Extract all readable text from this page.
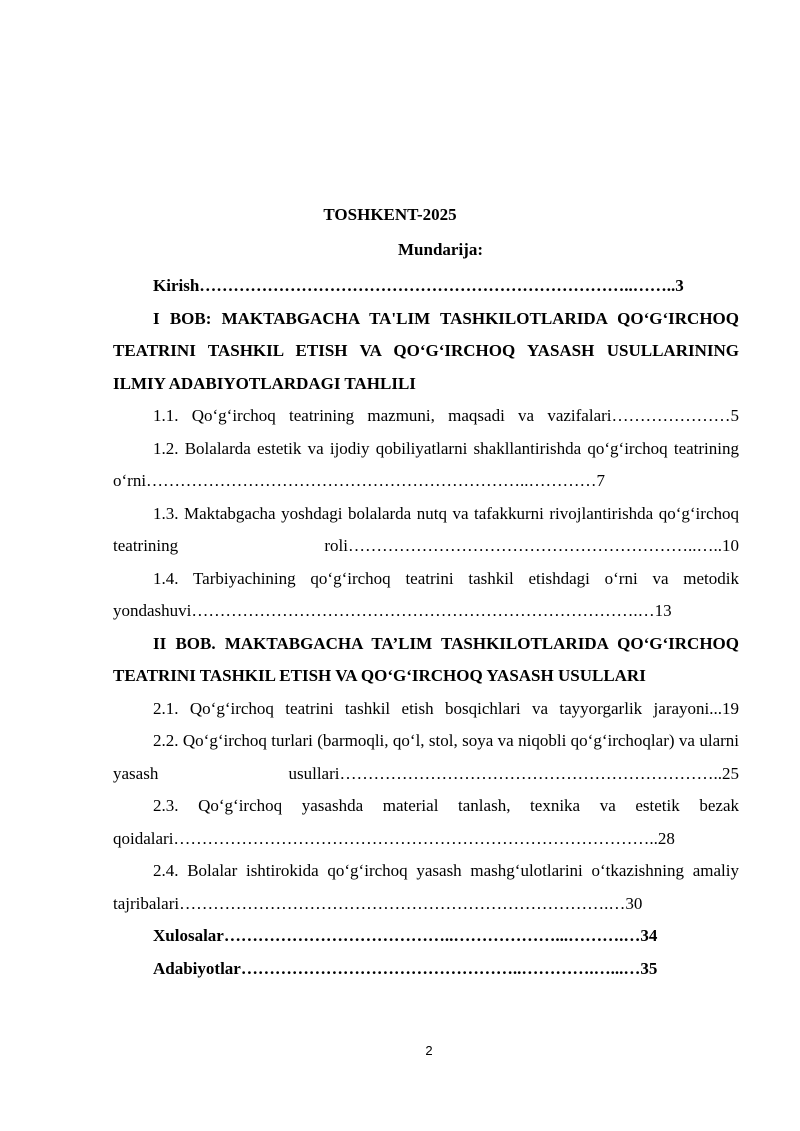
TOSHKENT-2025
Mundarija:
Kirish…………………………………………………………………..……..3
I BOB: MAKTABGACHA TA'LIM TASHKILOTLARIDA QO‘G‘IRCHOQ TEATRINI TASHKIL ETISH VA QO‘G‘IRCHOQ YASASH USULLARINING ILMIY ADABIYOTLARDAGI TAHLILI
1.1. Qo‘g‘irchoq teatrining mazmuni, maqsadi va vazifalari…………………5
1.2. Bolalarda estetik va ijodiy qobiliyatlarni shakllantirishda qo‘g‘irchoq teatrining o‘rni…………………………………………………………..…………7
1.3. Maktabgacha yoshdagi bolalarda nutq va tafakkurni rivojlantirishda qo‘g‘irchoq teatrining roli……………………………………………………..…..10
1.4. Tarbiyachining qo‘g‘irchoq teatrini tashkil etishdagi o‘rni va metodik yondashuvi…………………………………………………………………….…13
II BOB. MAKTABGACHA TA’LIM TASHKILOTLARIDA QO‘G‘IRCHOQ TEATRINI TASHKIL ETISH VA QO‘G‘IRCHOQ YASASH USULLARI
2.1. Qo‘g‘irchoq teatrini tashkil etish bosqichlari va tayyorgarlik jarayoni...19
2.2. Qo‘g‘irchoq turlari (barmoqli, qo‘l, stol, soya va niqobli qo‘g‘irchoqlar) va ularni yasash usullari…………………………………………………………..25
2.3. Qo‘g‘irchoq yasashda material tanlash, texnika va estetik bezak qoidalari…………………………………………………………………………..28
2.4. Bolalar ishtirokida qo‘g‘irchoq yasash mashg‘ulotlarini o‘tkazishning amaliy tajribalari………………………………………………………………….…30
Xulosalar…………………………………..………………...……….…34
Adabiyotlar…………………………………………..………….…...…35
2
